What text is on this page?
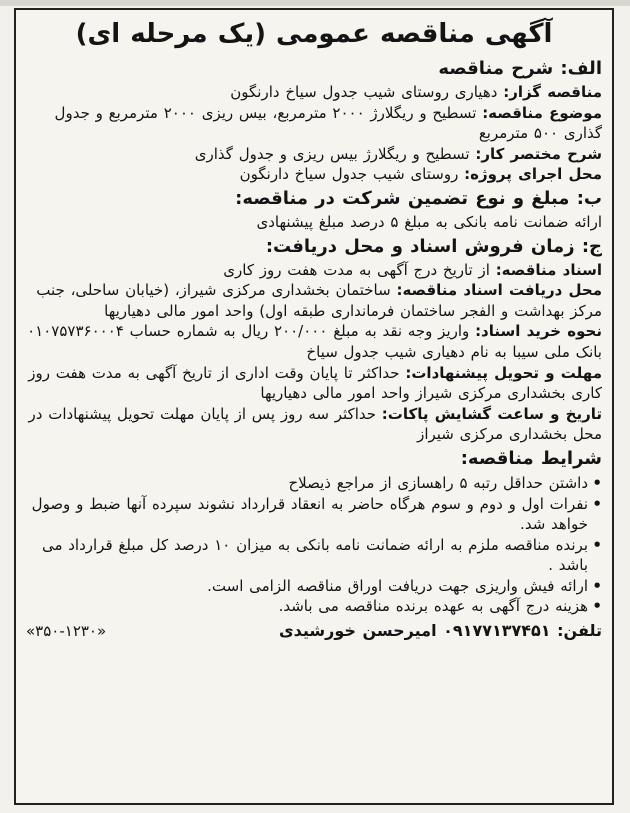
آگهی مناقصه عمومی (یک مرحله ای)
الف: شرح مناقصه
مناقصه گزار: دهیاری روستای شیب جدول سیاخ دارنگون
موضوع مناقصه: تسطیح و ریگلارژ ۲۰۰۰ مترمربع، بیس ریزی ۲۰۰۰ مترمربع و جدول گذاری ۵۰۰ مترمربع
شرح مختصر کار: تسطیح و ریگلارژ بیس ریزی و جدول گذاری
محل اجرای پروژه: روستای شیب جدول سیاخ دارنگون
ب: مبلغ و نوع تضمین شرکت در مناقصه:
ارائه ضمانت نامه بانکی به مبلغ ۵ درصد مبلغ پیشنهادی
ج: زمان فروش اسناد و محل دریافت:
اسناد مناقصه: از تاریخ درج آگهی به مدت هفت روز کاری
محل دریافت اسناد مناقصه: ساختمان بخشداری مرکزی شیراز، (خیابان ساحلی، جنب مرکز بهداشت و الفجر ساختمان فرمانداری طبقه اول) واحد امور مالی دهیاریها
نحوه خرید اسناد: واریز وجه نقد به مبلغ ۲۰۰/۰۰۰ ریال به شماره حساب ۰۱۰۷۵۷۳۶۰۰۰۴ بانک ملی سیبا به نام دهیاری شیب جدول سیاخ
مهلت و تحویل پیشنهادات: حداکثر تا پایان وقت اداری از تاریخ آگهی به مدت هفت روز کاری بخشداری مرکزی شیراز واحد امور مالی دهیاریها
تاریخ و ساعت گشایش پاکات: حداکثر سه روز پس از پایان مهلت تحویل پیشنهادات در محل بخشداری مرکزی شیراز
شرایط مناقصه:
• داشتن حداقل رتبه ۵ راهسازی از مراجع ذیصلاح
• نفرات اول و دوم و سوم هرگاه حاضر به انعقاد قرارداد نشوند سپرده آنها ضبط و وصول خواهد شد.
• برنده مناقصه ملزم به ارائه ضمانت نامه بانکی به میزان ۱۰ درصد کل مبلغ قرارداد می باشد .
• ارائه فیش واریزی جهت دریافت اوراق مناقصه الزامی است.
• هزینه درج آگهی به عهده برنده مناقصه می باشد.
تلفن: ۰۹۱۷۷۱۳۷۴۵۱ امیرحسن خورشیدی
«۳۵۰-۱۲۳۰»
